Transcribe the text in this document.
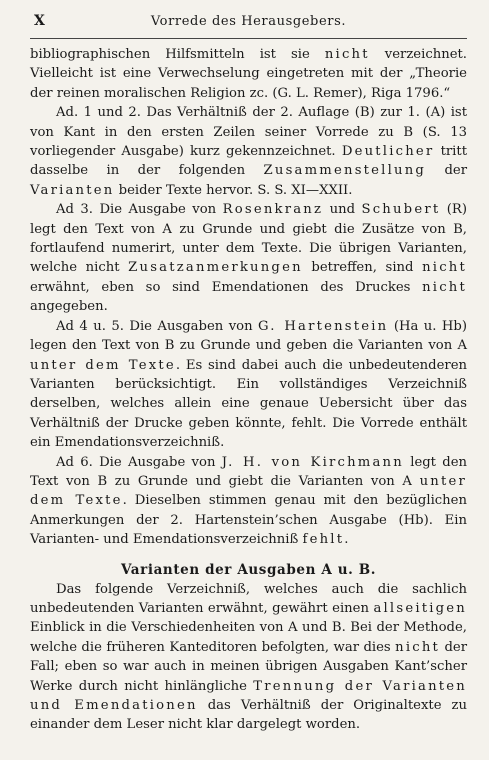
X	Vorrede des Herausgebers.

bibliographischen Hilfsmitteln ist sie nicht verzeichnet. Vielleicht ist eine Verwechselung eingetreten mit der „Theorie der reinen moralischen Religion zc. (G. L. Remer), Riga 1796.“

Ad. 1 und 2. Das Verhältniß der 2. Auflage (B) zur 1. (A) ist von Kant in den ersten Zeilen seiner Vorrede zu B (S. 13 vorliegender Ausgabe) kurz gekennzeichnet. Deutlicher tritt dasselbe in der folgenden Zusammenstellung der Varianten beider Texte hervor. S. S. XI—XXII.

Ad 3. Die Ausgabe von Rosenkranz und Schubert (R) legt den Text von A zu Grunde und giebt die Zusätze von B, fortlaufend numerirt, unter dem Texte. Die übrigen Varianten, welche nicht Zusatzanmerkungen betreffen, sind nicht erwähnt, eben so sind Emendationen des Druckes nicht angegeben.

Ad 4 u. 5. Die Ausgaben von G. Hartenstein (Ha u. Hb) legen den Text von B zu Grunde und geben die Varianten von A unter dem Texte. Es sind dabei auch die unbedeutenderen Varianten berücksichtigt. Ein vollständiges Verzeichniß derselben, welches allein eine genaue Uebersicht über das Verhältniß der Drucke geben könnte, fehlt. Die Vorrede enthält ein Emendationsverzeichniß.

Ad 6. Die Ausgabe von J. H. von Kirchmann legt den Text von B zu Grunde und giebt die Varianten von A unter dem Texte. Dieselben stimmen genau mit den bezüglichen Anmerkungen der 2. Hartenstein’schen Ausgabe (Hb). Ein Varianten- und Emendationsverzeichniß fehlt.

Varianten der Ausgaben A u. B.

Das folgende Verzeichniß, welches auch die sachlich unbedeutenden Varianten erwähnt, gewährt einen allseitigen Einblick in die Verschiedenheiten von A und B. Bei der Methode, welche die früheren Kanteditoren befolgten, war dies nicht der Fall; eben so war auch in meinen übrigen Ausgaben Kant’scher Werke durch nicht hinlängliche Trennung der Varianten und Emendationen das Verhältniß der Originaltexte zu einander dem Leser nicht klar dargelegt worden.
